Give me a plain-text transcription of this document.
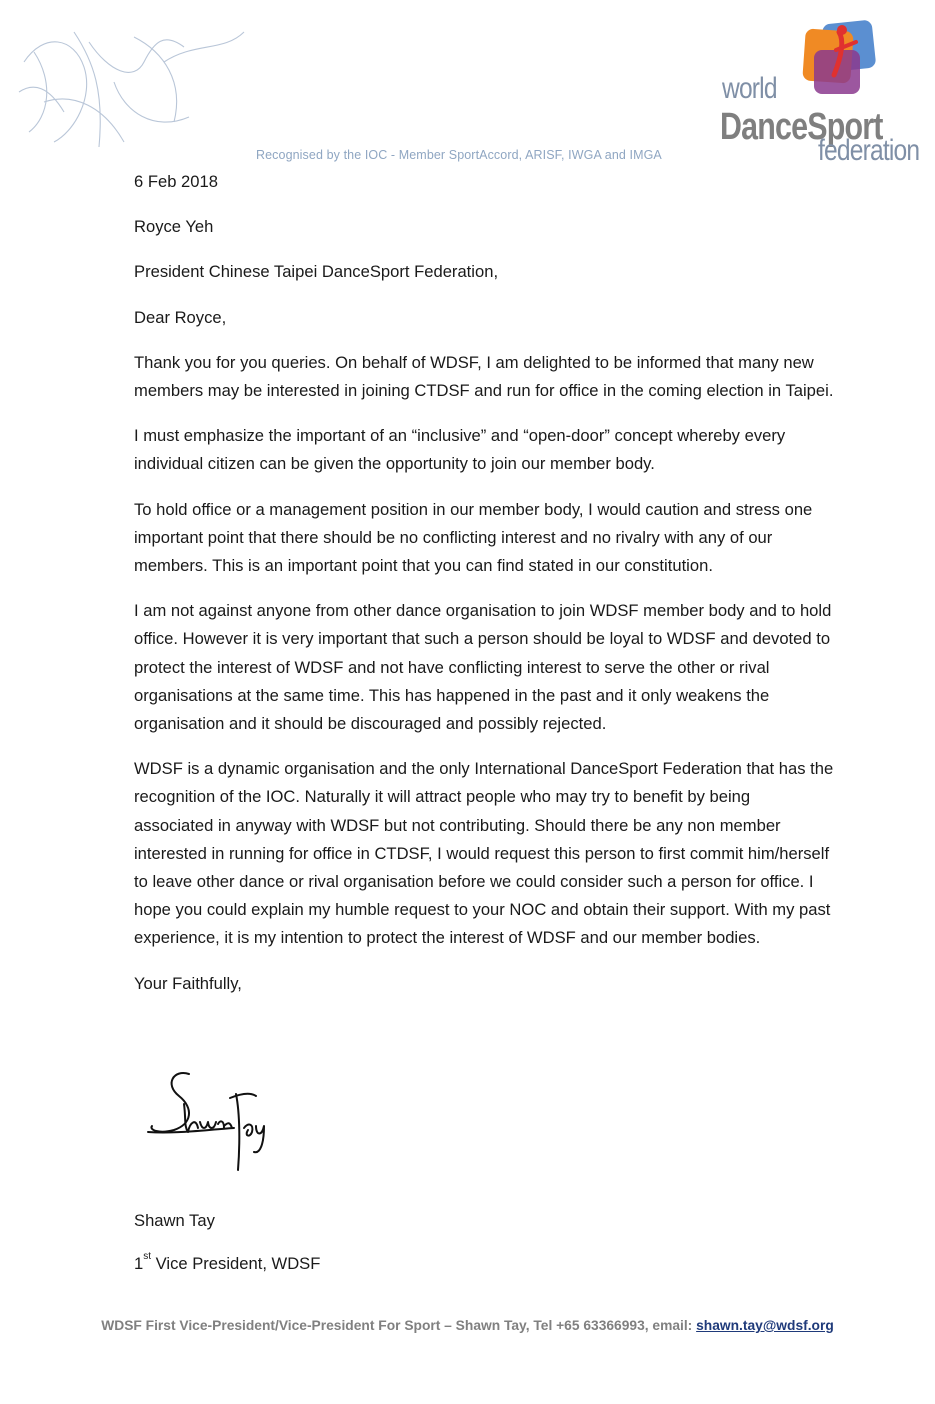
Recognised by the IOC - Member SportAccord, ARISF, IWGA and IMGA
world
DanceSport
federation

6 Feb 2018

Royce Yeh

President Chinese Taipei DanceSport Federation,

Dear Royce,

Thank you for you queries. On behalf of WDSF, I am delighted to be informed that many new members may be interested in joining CTDSF and run for office in the coming election in Taipei.

I must emphasize the important of an “inclusive” and “open-door” concept whereby every individual citizen can be given the opportunity to join our member body.

To hold office or a management position in our member body, I would caution and stress one important point that there should be no conflicting interest and no rivalry with any of our members. This is an important point that you can find stated in our constitution.

I am not against anyone from other dance organisation to join WDSF member body and to hold office. However it is very important that such a person should be loyal to WDSF and devoted to protect the interest of WDSF and not have conflicting interest to serve the other or rival organisations at the same time. This has happened in the past and it only weakens the organisation and it should be discouraged and possibly rejected.

WDSF is a dynamic organisation and the only International DanceSport Federation that has the recognition of the IOC. Naturally it will attract people who may try to benefit by being associated in anyway with WDSF but not contributing. Should there be any non member interested in running for office in CTDSF, I would request this person to first commit him/herself to leave other dance or rival organisation before we could consider such a person for office. I hope you could explain my humble request to your NOC and obtain their support. With my past experience, it is my intention to protect the interest of WDSF and our member bodies.

Your Faithfully,

Shawn Tay
1st Vice President, WDSF
WDSF First Vice-President/Vice-President For Sport – Shawn Tay, Tel +65 63366993, email: shawn.tay@wdsf.org
